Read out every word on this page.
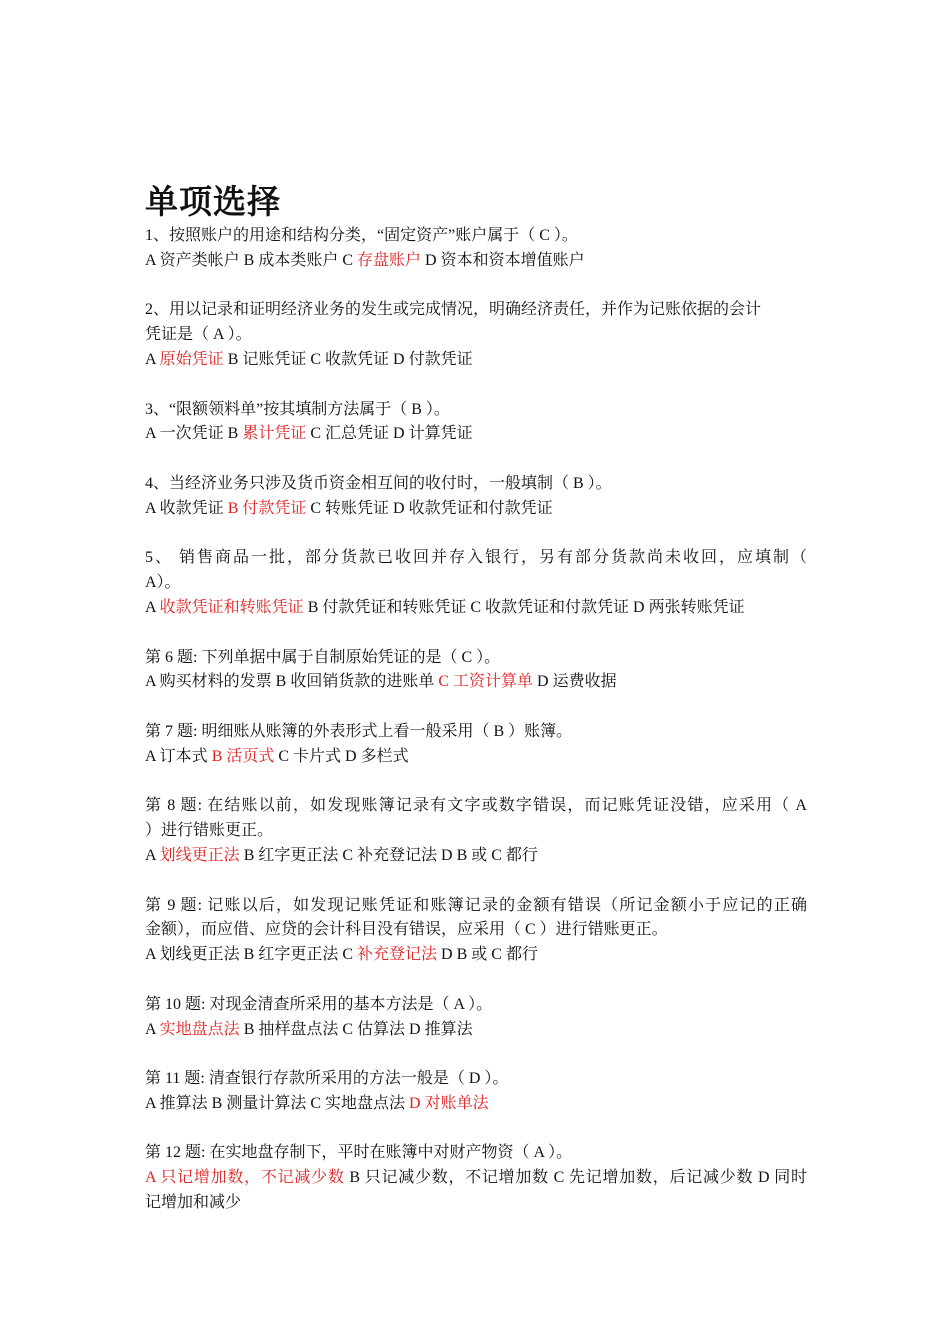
单项选择
1、按照账户的用途和结构分类，“固定资产”账户属于（ C ）。
A 资产类帐户 B 成本类账户 C 存盘账户 D 资本和资本增值账户
2、用以记录和证明经济业务的发生或完成情况，明确经济责任，并作为记账依据的会计
凭证是（ A ）。
A 原始凭证 B 记账凭证 C 收款凭证 D 付款凭证
3、“限额领料单”按其填制方法属于（ B ）。
A 一次凭证 B 累计凭证 C 汇总凭证 D 计算凭证
4、当经济业务只涉及货币资金相互间的收付时，一般填制（ B ）。
A 收款凭证 B 付款凭证 C 转账凭证 D 收款凭证和付款凭证
5、 销售商品一批，部分货款已收回并存入银行，另有部分货款尚未收回，应填制（
A）。
A 收款凭证和转账凭证 B 付款凭证和转账凭证 C 收款凭证和付款凭证 D 两张转账凭证
第 6 题: 下列单据中属于自制原始凭证的是（ C ）。
A 购买材料的发票 B 收回销货款的进账单 C 工资计算单 D 运费收据
第 7 题: 明细账从账簿的外表形式上看一般采用（ B ）账簿。
A 订本式 B 活页式 C 卡片式 D 多栏式
第 8 题: 在结账以前，如发现账簿记录有文字或数字错误，而记账凭证没错，应采用（ A
）进行错账更正。
A 划线更正法 B 红字更正法 C 补充登记法 D B 或 C 都行
第 9 题: 记账以后，如发现记账凭证和账簿记录的金额有错误（所记金额小于应记的正确
金额），而应借、应贷的会计科目没有错误，应采用（ C ）进行错账更正。
A 划线更正法 B 红字更正法 C 补充登记法 D B 或 C 都行
第 10 题: 对现金清查所采用的基本方法是（ A ）。
A 实地盘点法 B 抽样盘点法 C 估算法 D 推算法
第 11 题: 清查银行存款所采用的方法一般是（ D ）。
A 推算法 B 测量计算法 C 实地盘点法 D 对账单法
第 12 题: 在实地盘存制下，平时在账簿中对财产物资（ A ）。
A 只记增加数，不记减少数 B 只记减少数，不记增加数 C 先记增加数，后记减少数 D 同时
记增加和减少
